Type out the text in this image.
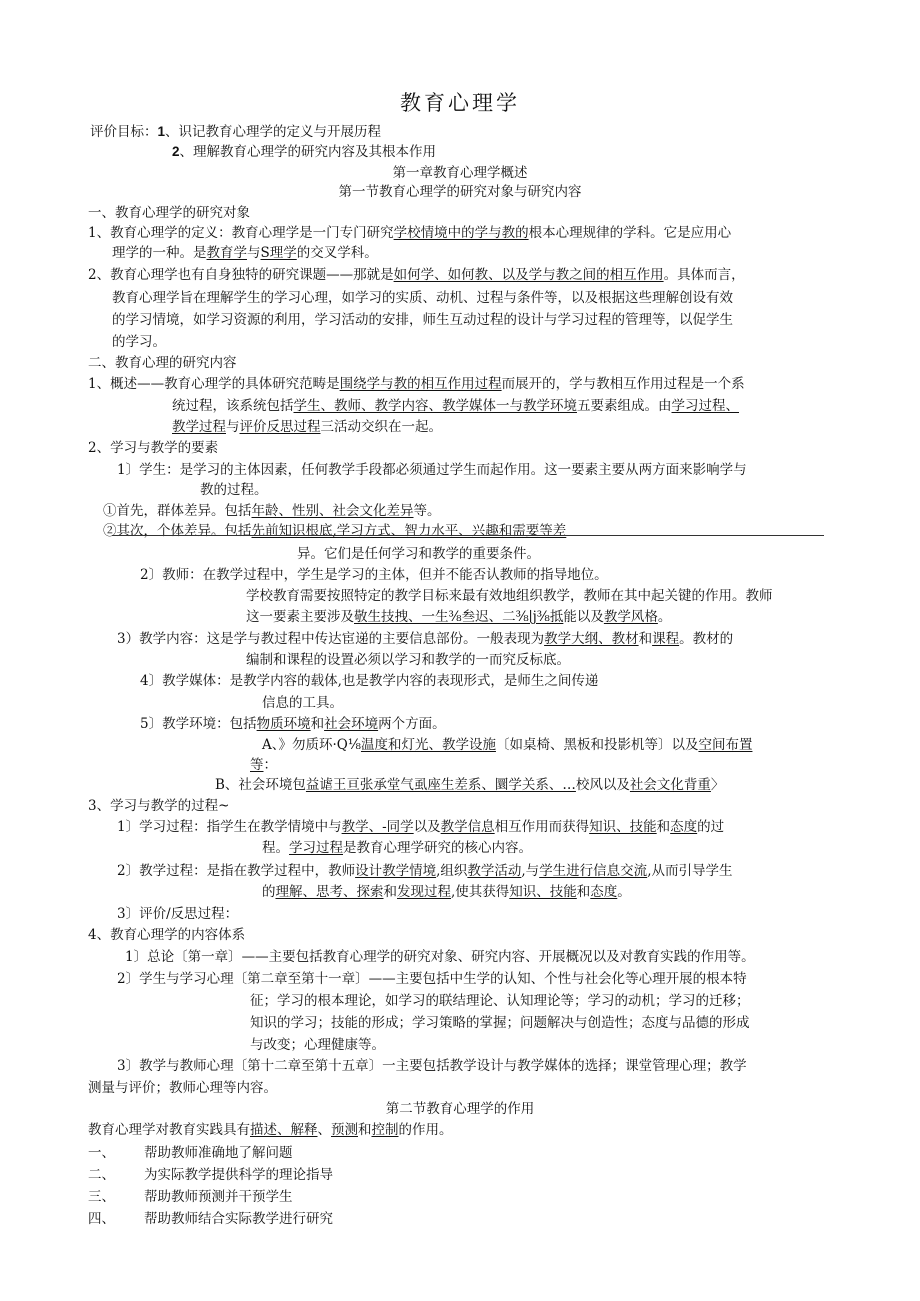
教育心理学
评价目标：1、识记教育心理学的定义与开展历程
2、理解教育心理学的研究内容及其根本作用
第一章教育心理学概述
第一节教育心理学的研究对象与研究内容
一、教育心理学的研究对象
1、教育心理学的定义：教育心理学是一门专门研究学校情境中的学与教的根本心理规律的学科。它是应用心
理学的一种。是教育学与S理学的交叉学科。
2、教育心理学也有自身独特的研究课题——那就是如何学、如何教、以及学与教之间的相互作用。具体而言，
教育心理学旨在理解学生的学习心理，如学习的实质、动机、过程与条件等，以及根据这些理解创设有效
的学习情境，如学习资源的利用，学习活动的安排，师生互动过程的设计与学习过程的管理等，以促学生
的学习。
二、教育心理的研究内容
1、概述——教育心理学的具体研究范畴是围绕学与教的相互作用过程而展开的，学与教相互作用过程是一个系
统过程，该系统包括学生、教师、教学内容、教学媒体一与教学环境五要素组成。由学习过程、
教学过程与评价反思过程三活动交织在一起。
2、学习与教学的要素
1〕学生：是学习的主体因素，任何教学手段都必须通过学生而起作用。这一要素主要从两方面来影响学与
教的过程。
①首先，群体差异。包括年龄、性别、社会文化差异等。
②其次，个体差异。包括先前知识根底,学习方式、智力水平、兴趣和需要等差
异。它们是任何学习和教学的重要条件。
2〕教师：在教学过程中，学生是学习的主体，但并不能否认教师的指导地位。
学校教育需要按照特定的教学目标来最有效地组织教学，教师在其中起关键的作用。教师
这一要素主要涉及敬生技拽、一生⅜叁迟、二⅜∣j⅜抵能以及教学风格。
3）教学内容：这是学与教过程中传达宦递的主要信息部份。一般表现为教学大纲、教材和课程。教材的
编制和课程的设置必须以学习和教学的一而究反标底。
4〕教学媒体：是教学内容的载体,也是教学内容的表现形式，是师生之间传递
信息的工具。
5〕教学环境：包括物质环境和社会环境两个方面。
A、》勿质环·Q⅛温度和灯光、教学设施〔如桌椅、黑板和投影机等〕以及空间布置
等：
B、社会环境包益谑王亘张承堂气虱座生差系、圜学关系、…校风以及社会文化背重〉
3、学习与教学的过程~
1〕学习过程：指学生在教学情境中与教学、-同学以及教学信息相互作用而获得知识、技能和态度的过
程。学习过程是教育心理学研究的核心内容。
2〕教学过程：是指在教学过程中，教师设计教学情境,组织教学活动,与学生进行信息交流,从而引导学生
的理解、思考、探索和发现过程,使其获得知识、技能和态度。
3〕评价/反思过程：
4、教育心理学的内容体系
1〕总论〔第一章〕——主要包括教育心理学的研究对象、研究内容、开展概况以及对教育实践的作用等。
2〕学生与学习心理〔第二章至第十一章〕——主要包括中生学的认知、个性与社会化等心理开展的根本特
征；学习的根本理论，如学习的联结理论、认知理论等；学习的动机；学习的迁移；
知识的学习；技能的形成；学习策略的掌握；问题解决与创造性；态度与品德的形成
与改变；心理健康等。
3〕教学与教师心理〔第十二章至第十五章〕一主要包括教学设计与教学媒体的选择；课堂管理心理；教学
测量与评价；教师心理等内容。
第二节教育心理学的作用
教育心理学对教育实践具有描述、解释、预测和控制的作用。
一、 帮助教师准确地了解问题
二、 为实际教学提供科学的理论指导
三、 帮助教师预测并干预学生
四、 帮助教师结合实际教学进行研究
